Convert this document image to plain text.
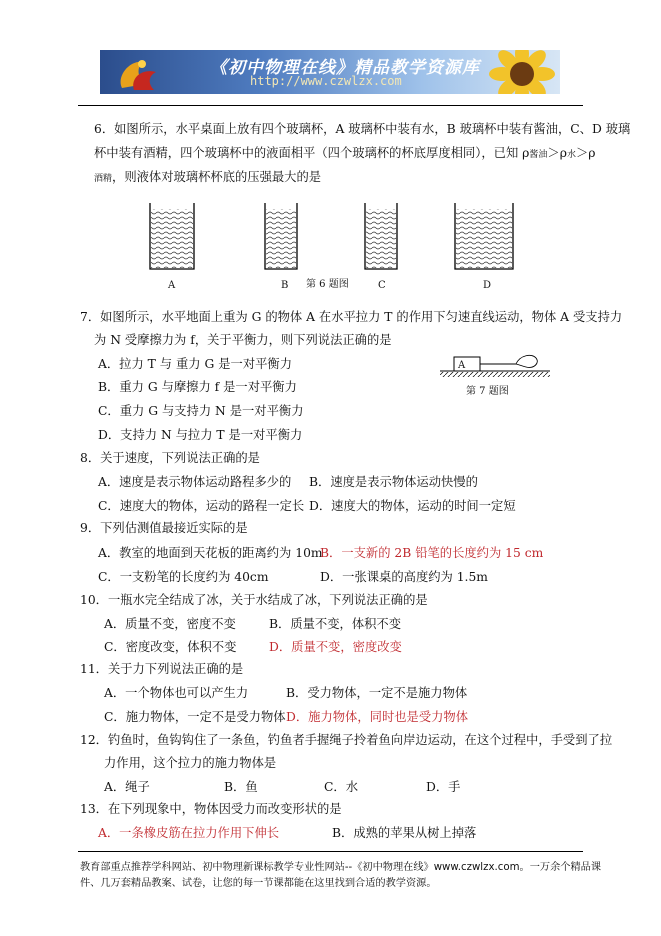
《初中物理在线》精品教学资源库
http://www.czwlzx.com
6．如图所示，水平桌面上放有四个玻璃杯，A 玻璃杯中装有水，B 玻璃杯中装有酱油，C、D 玻璃
杯中装有酒精，四个玻璃杯中的液面相平（四个玻璃杯的杯底厚度相同），已知 ρ酱油＞ρ水＞ρ
酒精，则液体对玻璃杯杯底的压强最大的是
A	B 第 6 题图	C	D
7．如图所示，水平地面上重为 G 的物体 A 在水平拉力 T 的作用下匀速直线运动，物体 A 受支持力
为 N 受摩擦力为 f，关于平衡力，则下列说法正确的是
A．拉力 T 与 重力 G 是一对平衡力
B．重力 G 与摩擦力 f 是一对平衡力
C．重力 G 与支持力 N 是一对平衡力
D．支持力 N 与拉力 T 是一对平衡力
A
第 7 题图
8．关于速度，下列说法正确的是
A．速度是表示物体运动路程多少的 B．速度是表示物体运动快慢的
C．速度大的物体，运动的路程一定长 D．速度大的物体，运动的时间一定短
9．下列估测值最接近实际的是
A．教室的地面到天花板的距离约为 10m
B．一支新的 2B 铅笔的长度约为 15 cm
C．一支粉笔的长度约为 40cm	D．一张课桌的高度约为 1.5m
10．一瓶水完全结成了冰，关于水结成了冰，下列说法正确的是
A．质量不变，密度不变	B．质量不变，体积不变
C．密度改变，体积不变	D．质量不变，密度改变
11．关于力下列说法正确的是
A．一个物体也可以产生力	B．受力物体，一定不是施力物体
C．施力物体，一定不是受力物体 D．施力物体，同时也是受力物体
12．钓鱼时，鱼钩钩住了一条鱼，钓鱼者手握绳子拎着鱼向岸边运动，在这个过程中，手受到了拉
力作用，这个拉力的施力物体是
A．绳子	B．鱼	C．水	D．手
13．在下列现象中，物体因受力而改变形状的是
A．一条橡皮筋在拉力作用下伸长	B．成熟的苹果从树上掉落
教育部重点推荐学科网站、初中物理新课标教学专业性网站--《初中物理在线》www.czwlzx.com。一万余个精品课
件、几万套精品教案、试卷，让您的每一节课都能在这里找到合适的教学资源。
